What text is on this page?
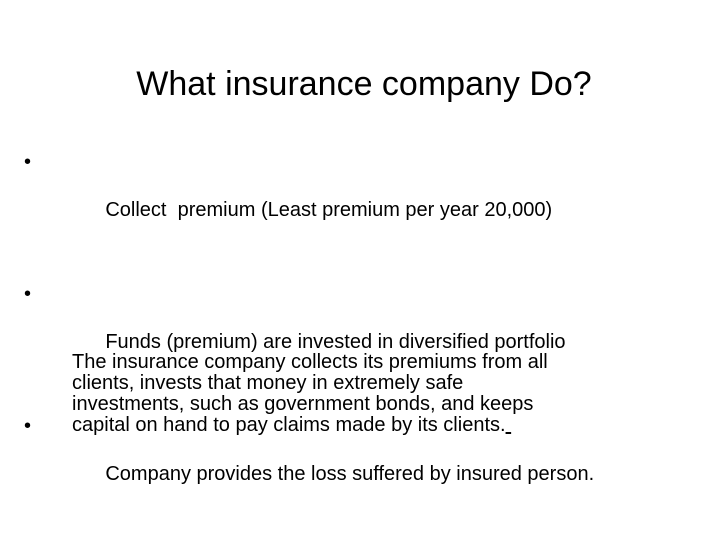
What insurance company Do?

•

Collect  premium (Least premium per year 20,000)

•

Funds (premium) are invested in diversified portfolio

•

Company provides the loss suffered by insured person.

The insurance company collects its premiums from all
clients, invests that money in extremely safe
investments, such as government bonds, and keeps
capital on hand to pay claims made by its clients.
